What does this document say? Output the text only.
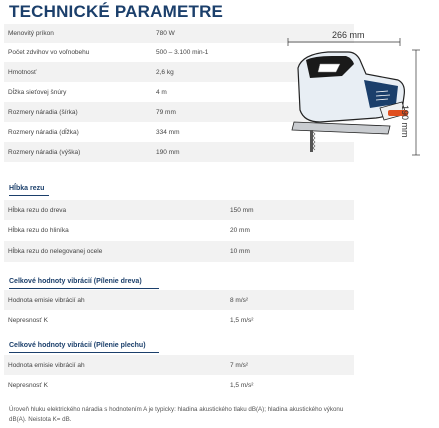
TECHNICKÉ PARAMETRE
Menovitý príkon	780 W
Počet zdvihov vo voľnobehu	500 – 3.100 min-1
Hmotnosť	2,6 kg
Dĺžka sieťovej šnúry	4 m
Rozmery náradia (šírka)	79 mm
Rozmery náradia (dĺžka)	334 mm
Rozmery náradia (výška)	190 mm
266 mm
190 mm
Hĺbka rezu
Hĺbka rezu do dreva	150 mm
Hĺbka rezu do hliníka	20 mm
Hĺbka rezu do nelegovanej ocele	10 mm
Celkové hodnoty vibrácií (Pílenie dreva)
Hodnota emisie vibrácií ah	8 m/s²
Nepresnosť K	1,5 m/s²
Celkové hodnoty vibrácií (Pílenie plechu)
Hodnota emisie vibrácií ah	7 m/s²
Nepresnosť K	1,5 m/s²
Úroveň hluku elektrického náradia s hodnotením A je typicky: hladina akustického tlaku dB(A); hladina akustického výkonu dB(A). Neistota K= dB.
